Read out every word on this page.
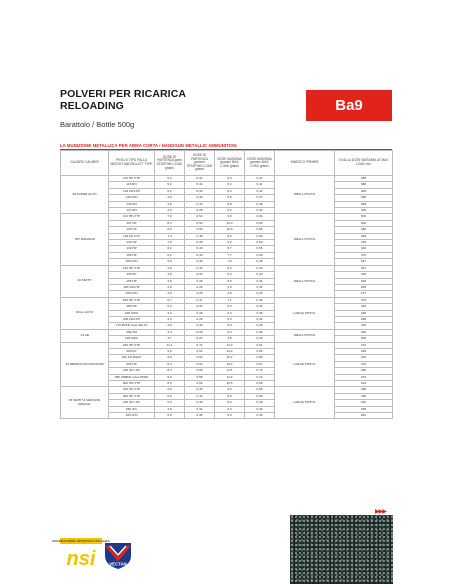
POLVERI PER RICARICA
RELOADING
Barattolo / Bottle 500g
Ba9
LA MUNIZIONE METALLICA PER ARMA CORTA / HANDGUN METALLIC AMMUNITION
CALIBRO CALIBER	PESO E TIPO PALLA WEIGHT AND BULLET TYPE	DOSE DI PARTENZA grani STARTING LOAD grains	DOSE DI PARTENZA grammi STARTING LOAD grams	DOSE MASSIMA grammi MAX LOAD grains	DOSE MASSIMA grammi MAX LOAD grams	INNESCO PRIMER	V0 ALLA DOSE MASSIMA AT MAX LOAD m/s
38 SUPER AUTO	115 HP-XTP	5,2	0,34	6,3	0,41	SMALL PISTOL	388
	115 RN	5,2	0,34	6,3	0,41		388
	124 FMJ-FP	5,2	0,34	6,4	0,42		409
	130 FMJ	4,6	0,30	5,6	0,37		390
	130 RN	4,6	0,30	5,8	0,38		383
	147 RN	4,3	0,28	5,2	0,34		335
.357 MAGNUM	110 HP-XTP	7,9	0,51	9,8	0,64	SMALL PISTOL	500
	115 HP	8,3	0,54	10,0	0,65		500
	125 HP	8,0	0,52	10,0	0,65		460
	125 FP-XTP	7,4	0,48	9,2	0,60		463
	140 HP	7,0	0,45	9,2	0,60		433
	140 HP	6,2	0,40	8,7	0,56		402
	158 HP	6,2	0,40	7,7	0,50		370
	180 FMJ	5,9	0,38	7,9	0,48		347
40 SMITH	135 HP-XTP	4,9	0,32	6,2	0,40	SMALL PISTOL	337
	155 FP	4,9	0,32	6,2	0,40		339
	155 HP	4,5	0,29	5,6	0,36		309
	180 SW-HP	4,0	0,26	4,9	0,32		285
	200 FMJ	4,0	0,26	4,9	0,32		277
10mm AUTO	155 HP-XTP	5,7	0,37	7,1	0,46	LARGE PISTOL	375
	180 HP	5,2	0,34	6,4	0,42		353
	200 SWC	4,3	0,28	5,4	0,35		290
	200 FMJ-FP	4,3	0,28	5,3	0,34		288
	170 BCFD Cast 40x 10	4,6	0,30	5,0	0,36		315
.41 AE	200 HM	4,3	0,28	5,4	0,35	SMALL PISTOL	300
	195 SWC	3,7	0,24	4,6	0,30		300
44 REMINGTON MAGNUM	180 HP-XTP	11,4	0,74	14,0	0,91	LARGE PISTOL	472
	200 FP	9,9	0,64	12,2	0,80		420
	220 FP-Match	9,9	0,64	12,2	0,80		402
	225 HP	8,3	0,54	10,2	0,67		370
	240 JFC-SC	8,3	0,66	11,5	0,75		390
	255 CRBNK Cast 45962	9,0	0,58	11,0	0,72		370
	300 HP-XTP	8,3	0,54	10,5	0,68		323
45 SMITH & WESSON SPECIAL	180 HP-XTP	6,9	0,45	8,6	0,56	LARGE PISTOL	338
	200 HP-XTP	6,8	0,44	8,5	0,55		335
	240 JFC-SC	6,9	0,45	8,2	0,49		310
	250 IFG	4,8	0,31	6,0	0,39		258
	255 LFN	5,6	0,36	6,9	0,45		281
▶▶▶
FEDERAZIONE SPORTIVA ITALIANA
nsi	VECTAN
